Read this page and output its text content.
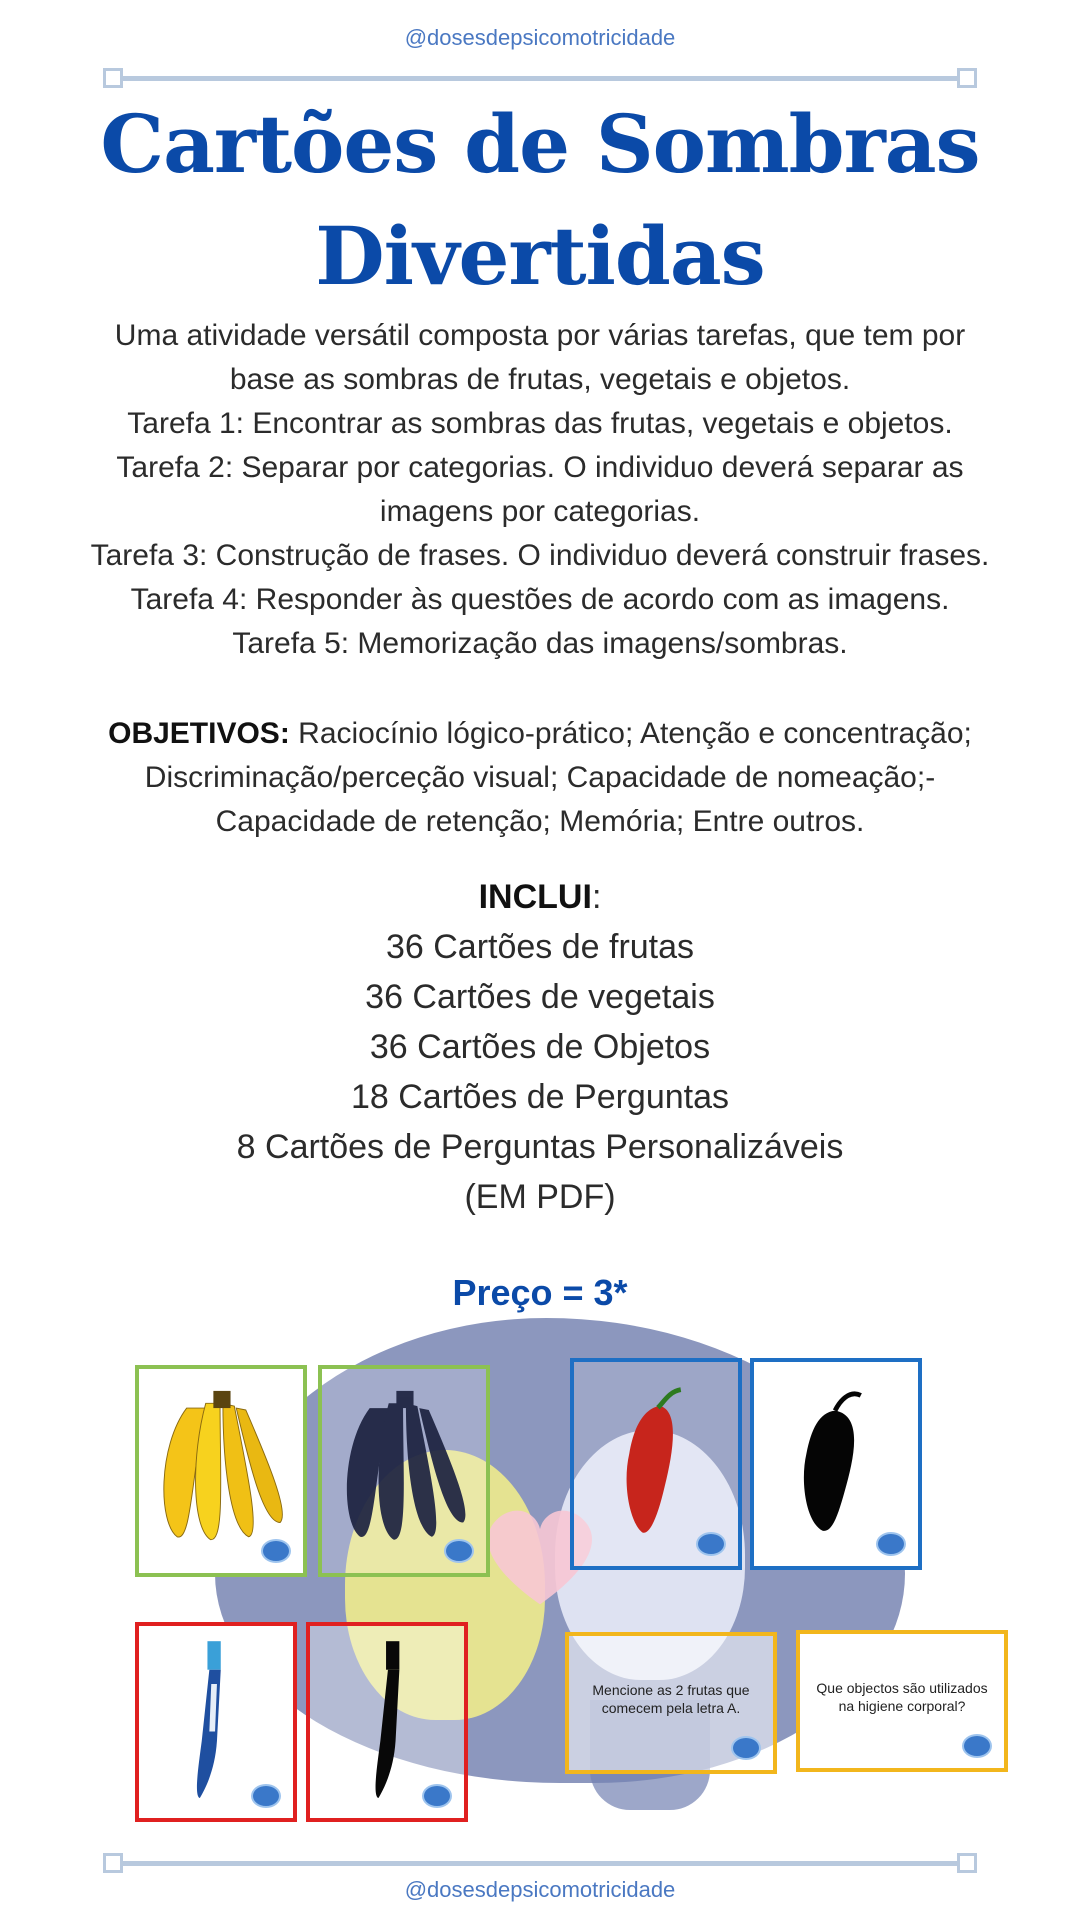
@dosesdepsicomotricidade
Cartões de Sombras
Divertidas
Uma atividade versátil composta por várias tarefas, que tem por
base as sombras de frutas, vegetais e objetos.
Tarefa 1: Encontrar as sombras das frutas, vegetais e objetos.
Tarefa 2: Separar por categorias. O individuo deverá separar as
imagens por categorias.
Tarefa 3: Construção de frases. O individuo deverá construir frases.
Tarefa 4: Responder às questões de acordo com as imagens.
Tarefa 5: Memorização das imagens/sombras.
OBJETIVOS: Raciocínio lógico-prático; Atenção e concentração;
Discriminação/perceção visual; Capacidade de nomeação;-
Capacidade de retenção; Memória; Entre outros.
INCLUI:
36 Cartões de frutas
36 Cartões de vegetais
36 Cartões de Objetos
18 Cartões de Perguntas
8 Cartões de Perguntas Personalizáveis
(EM PDF)
Preço = 3*
Mencione as 2 frutas que comecem pela letra A.
Que objectos são utilizados na higiene corporal?
@dosesdepsicomotricidade
